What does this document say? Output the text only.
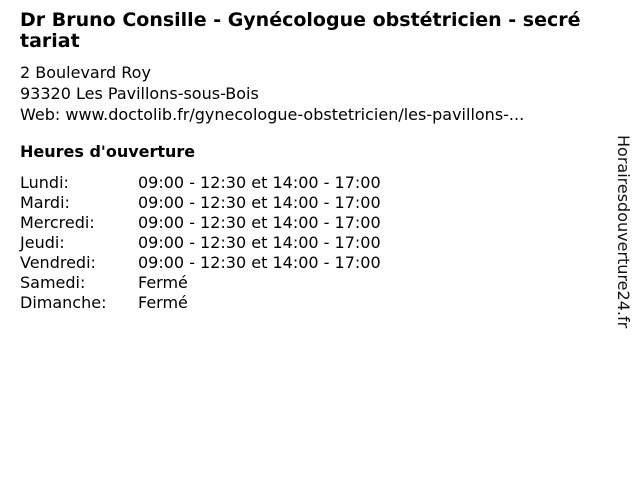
Dr Bruno Consille - Gynécologue obstétricien - secré
tariat
2 Boulevard Roy
93320 Les Pavillons-sous-Bois
Web: www.doctolib.fr/gynecologue-obstetricien/les-pavillons-...
Heures d'ouverture
Lundi:	09:00 - 12:30 et 14:00 - 17:00
Mardi:	09:00 - 12:30 et 14:00 - 17:00
Mercredi:	09:00 - 12:30 et 14:00 - 17:00
Jeudi:	09:00 - 12:30 et 14:00 - 17:00
Vendredi:	09:00 - 12:30 et 14:00 - 17:00
Samedi:	Fermé
Dimanche:	Fermé	Horairesdouverture24.fr
